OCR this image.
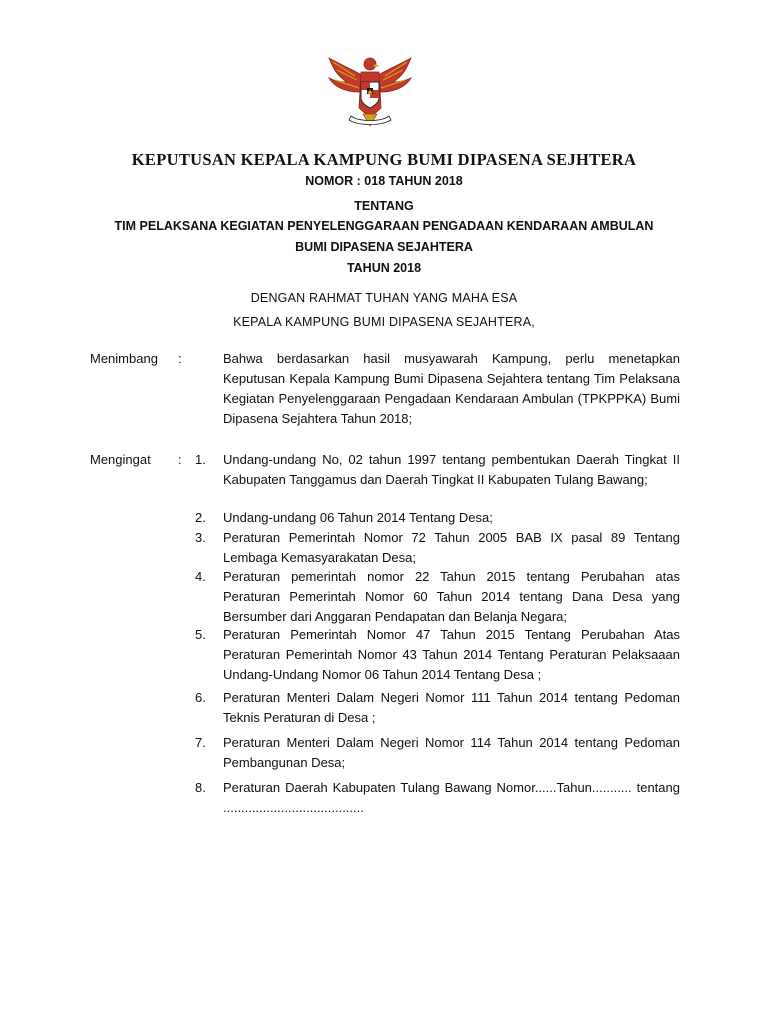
KEPUTUSAN KEPALA KAMPUNG BUMI DIPASENA SEJHTERA
NOMOR : 018 TAHUN 2018
TENTANG
TIM PELAKSANA KEGIATAN PENYELENGGARAAN PENGADAAN KENDARAAN AMBULAN
BUMI DIPASENA SEJAHTERA
TAHUN 2018
DENGAN RAHMAT TUHAN YANG MAHA ESA
KEPALA KAMPUNG BUMI DIPASENA SEJAHTERA,
Menimbang :	Bahwa berdasarkan hasil musyawarah Kampung, perlu menetapkan Keputusan Kepala Kampung Bumi Dipasena Sejahtera tentang Tim Pelaksana Kegiatan Penyelenggaraan Pengadaan Kendaraan Ambulan (TPKPPKA) Bumi Dipasena Sejahtera Tahun 2018;
Mengingat : 1. Undang-undang No, 02 tahun 1997 tentang pembentukan Daerah Tingkat II Kabupaten Tanggamus dan Daerah Tingkat II Kabupaten Tulang Bawang;
2. Undang-undang 06 Tahun 2014 Tentang Desa;
3. Peraturan Pemerintah Nomor 72 Tahun 2005 BAB IX pasal 89 Tentang Lembaga Kemasyarakatan Desa;
4. Peraturan pemerintah nomor 22 Tahun 2015 tentang Perubahan atas Peraturan Pemerintah Nomor 60 Tahun 2014 tentang Dana Desa yang Bersumber dari Anggaran Pendapatan dan Belanja Negara;
5. Peraturan Pemerintah Nomor 47 Tahun 2015 Tentang Perubahan Atas Peraturan Pemerintah Nomor 43 Tahun 2014 Tentang Peraturan Pelaksaaan Undang-Undang Nomor 06 Tahun 2014 Tentang Desa ;
6. Peraturan Menteri Dalam Negeri Nomor 111 Tahun 2014 tentang Pedoman Teknis Peraturan di Desa ;
7. Peraturan Menteri Dalam Negeri Nomor 114 Tahun 2014 tentang Pedoman Pembangunan Desa;
8. Peraturan Daerah Kabupaten Tulang Bawang Nomor......Tahun........... tentang .......................................
